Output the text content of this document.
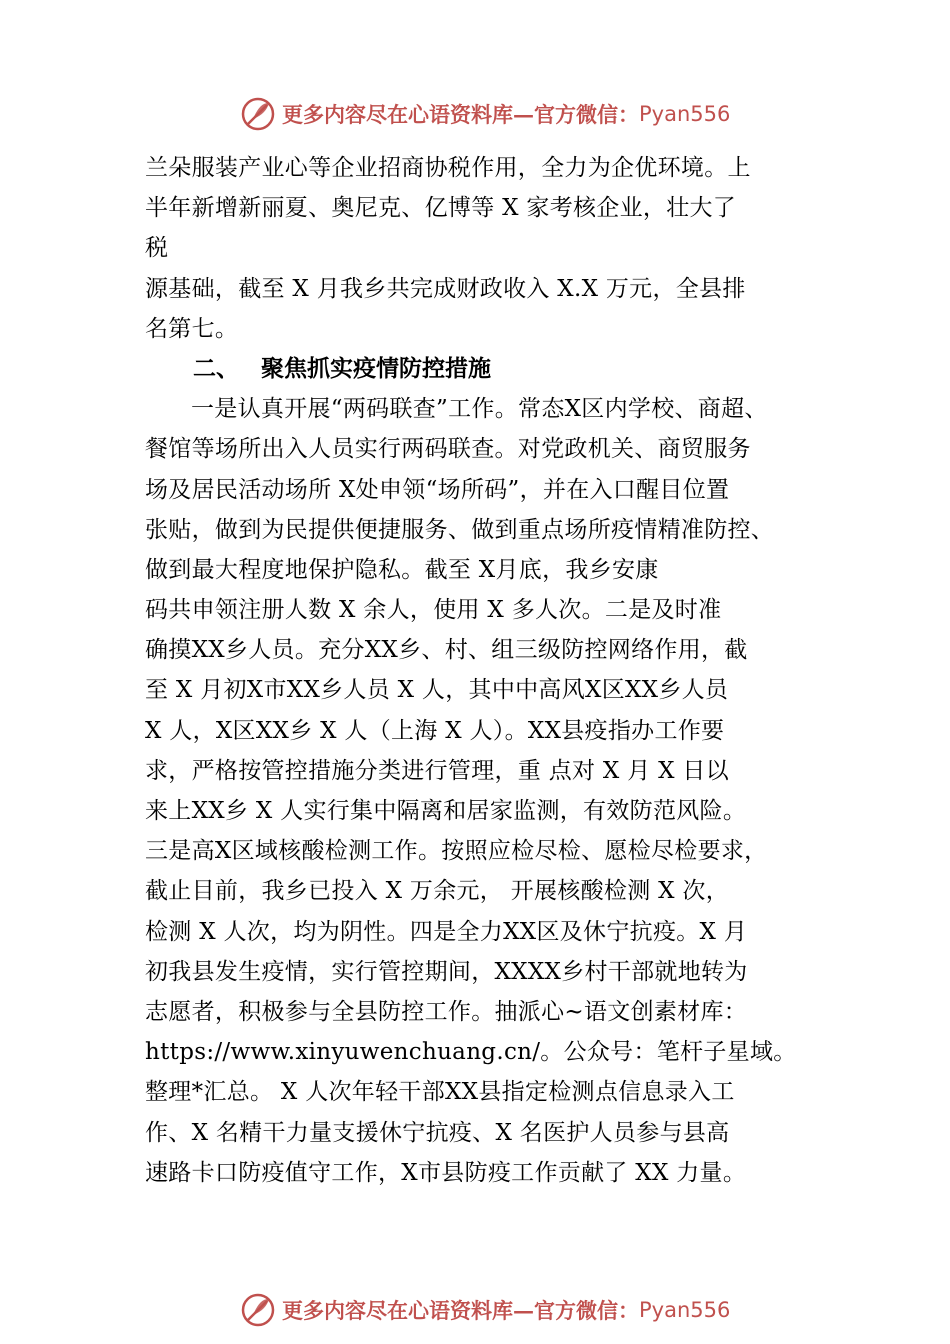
更多内容尽在心语资料库—官方微信： Pyan556
兰朵服装产业心等企业招商协税作用，全力为企优环境。上
半年新增新丽夏、奥尼克、亿博等 X 家考核企业，壮大了
税
源基础，截至 X 月我乡共完成财政收入 X.X 万元，全县排
名第七。
二、 聚焦抓实疫情防控措施
一是认真开展“两码联查”工作。常态X区内学校、商超、
餐馆等场所出入人员实行两码联查。对党政机关、商贸服务
场及居民活动场所 X处申领“场所码”，并在入口醒目位置
张贴，做到为民提供便捷服务、做到重点场所疫情精准防控、
做到最大程度地保护隐私。截至 X月底，我乡安康
码共申领注册人数 X 余人，使用 X 多人次。二是及时准
确摸XX乡人员。充分XX乡、村、组三级防控网络作用，截
至 X 月初X市XX乡人员 X 人，其中中高风X区XX乡人员
X 人，X区XX乡 X 人（上海 X 人）。XX县疫指办工作要
求，严格按管控措施分类进行管理，重 点对 X 月 X 日以
来上XX乡 X 人实行集中隔离和居家监测，有效防范风险。
三是高X区域核酸检测工作。按照应检尽检、愿检尽检要求，
截止目前，我乡已投入 X 万余元， 开展核酸检测 X 次，
检测 X 人次，均为阴性。四是全力XX区及休宁抗疫。X 月
初我县发生疫情，实行管控期间，XXXX乡村干部就地转为
志愿者，积极参与全县防控工作。抽派心~语文创素材库：
https://www.xinyuwenchuang.cn/。公众号：笔杆子星域。
整理*汇总。 X 人次年轻干部XX县指定检测点信息录入工
作、X 名精干力量支援休宁抗疫、X 名医护人员参与县高
速路卡口防疫值守工作，X市县防疫工作贡献了 XX 力量。
更多内容尽在心语资料库—官方微信： Pyan556
